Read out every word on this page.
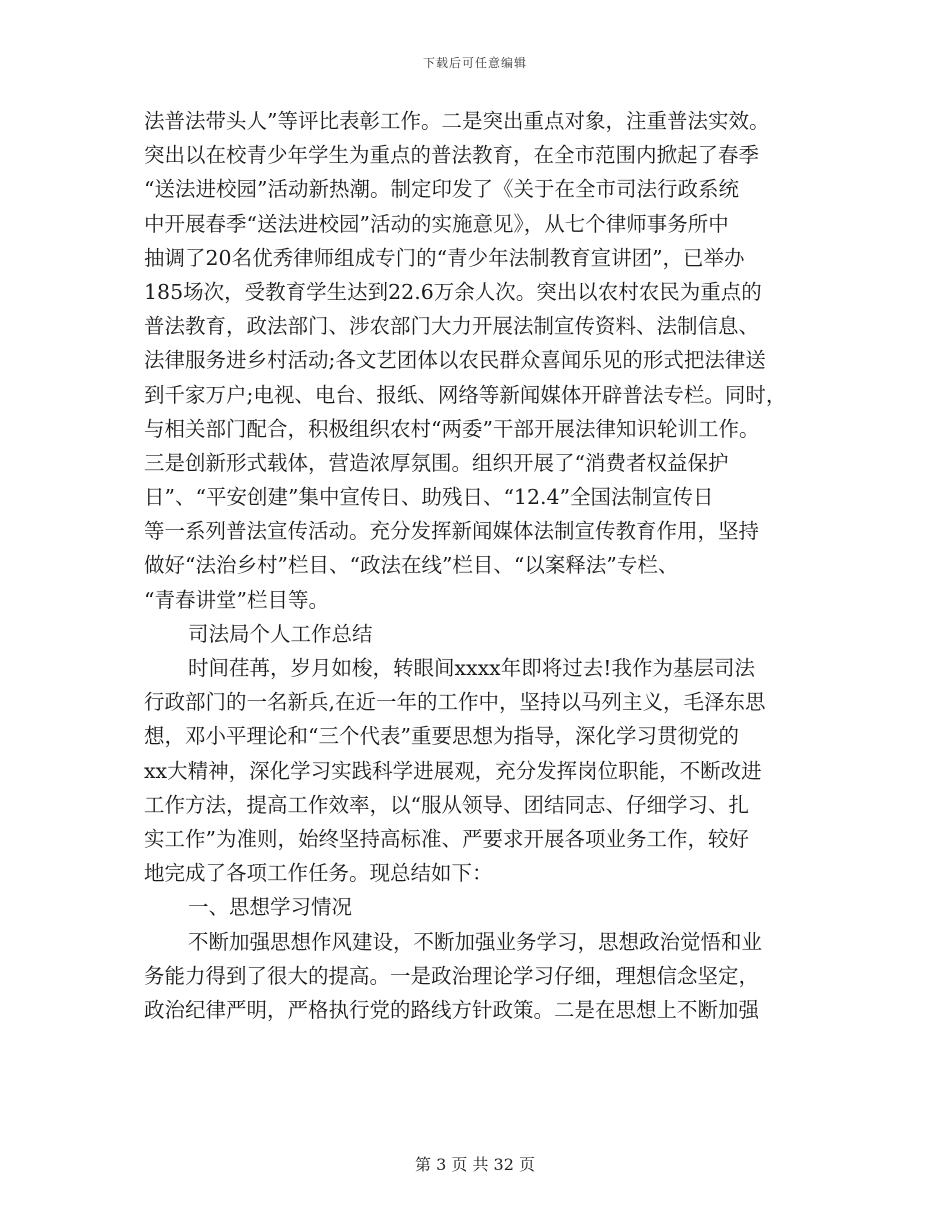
下载后可任意编辑
法普法带头人”等评比表彰工作。二是突出重点对象，注重普法实效。
突出以在校青少年学生为重点的普法教育，在全市范围内掀起了春季
“送法进校园”活动新热潮。制定印发了《关于在全市司法行政系统
中开展春季“送法进校园”活动的实施意见》，从七个律师事务所中
抽调了20名优秀律师组成专门的“青少年法制教育宣讲团”，已举办
185场次，受教育学生达到22.6万余人次。突出以农村农民为重点的
普法教育，政法部门、涉农部门大力开展法制宣传资料、法制信息、
法律服务进乡村活动;各文艺团体以农民群众喜闻乐见的形式把法律送
到千家万户;电视、电台、报纸、网络等新闻媒体开辟普法专栏。同时，
与相关部门配合，积极组织农村“两委”干部开展法律知识轮训工作。
三是创新形式载体，营造浓厚氛围。组织开展了“消费者权益保护
日”、“平安创建”集中宣传日、助残日、“12.4”全国法制宣传日
等一系列普法宣传活动。充分发挥新闻媒体法制宣传教育作用，坚持
做好“法治乡村”栏目、“政法在线”栏目、“以案释法”专栏、
“青春讲堂”栏目等。
司法局个人工作总结
时间荏苒，岁月如梭，转眼间xxxx年即将过去!我作为基层司法
行政部门的一名新兵,在近一年的工作中，坚持以马列主义，毛泽东思
想，邓小平理论和“三个代表”重要思想为指导，深化学习贯彻党的
xx大精神，深化学习实践科学进展观，充分发挥岗位职能，不断改进
工作方法，提高工作效率，以“服从领导、团结同志、仔细学习、扎
实工作”为准则，始终坚持高标准、严要求开展各项业务工作，较好
地完成了各项工作任务。现总结如下：
一、思想学习情况
不断加强思想作风建设，不断加强业务学习，思想政治觉悟和业
务能力得到了很大的提高。一是政治理论学习仔细，理想信念坚定，
政治纪律严明，严格执行党的路线方针政策。二是在思想上不断加强
第 3 页 共 32 页
